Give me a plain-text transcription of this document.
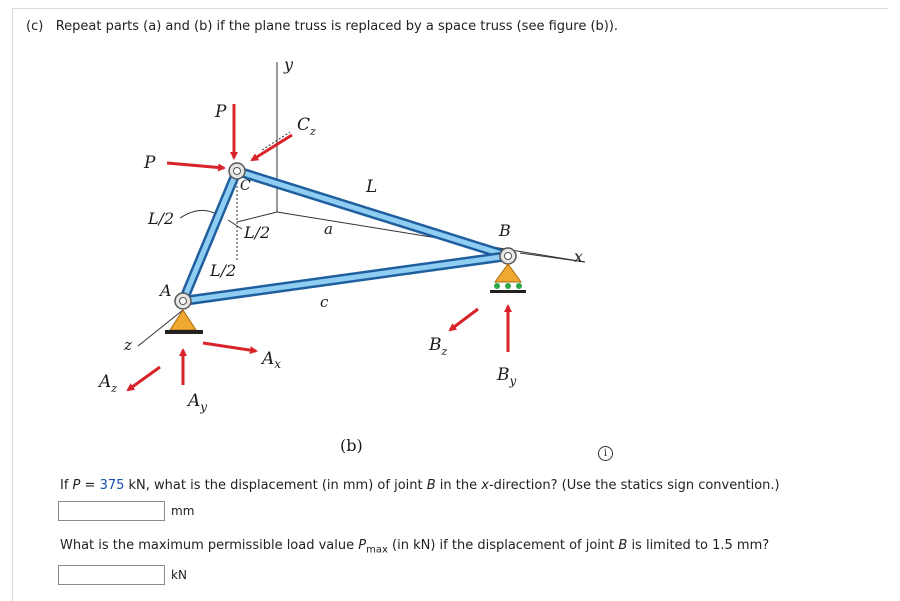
(c) Repeat parts (a) and (b) if the plane truss is replaced by a space truss (see figure (b)).
y
x
z
P
P
$C_z$
C	L
L/2
L/2
L/2
a
c
A
B
$A_x$
$A_y$
$A_z$
$B_z$
$B_y$
(b)	i
If P = 375 kN, what is the displacement (in mm) of joint B in the x-direction? (Use the statics sign convention.)
mm
What is the maximum permissible load value $P_{max}$ (in kN) if the displacement of joint B is limited to 1.5 mm?
kN
